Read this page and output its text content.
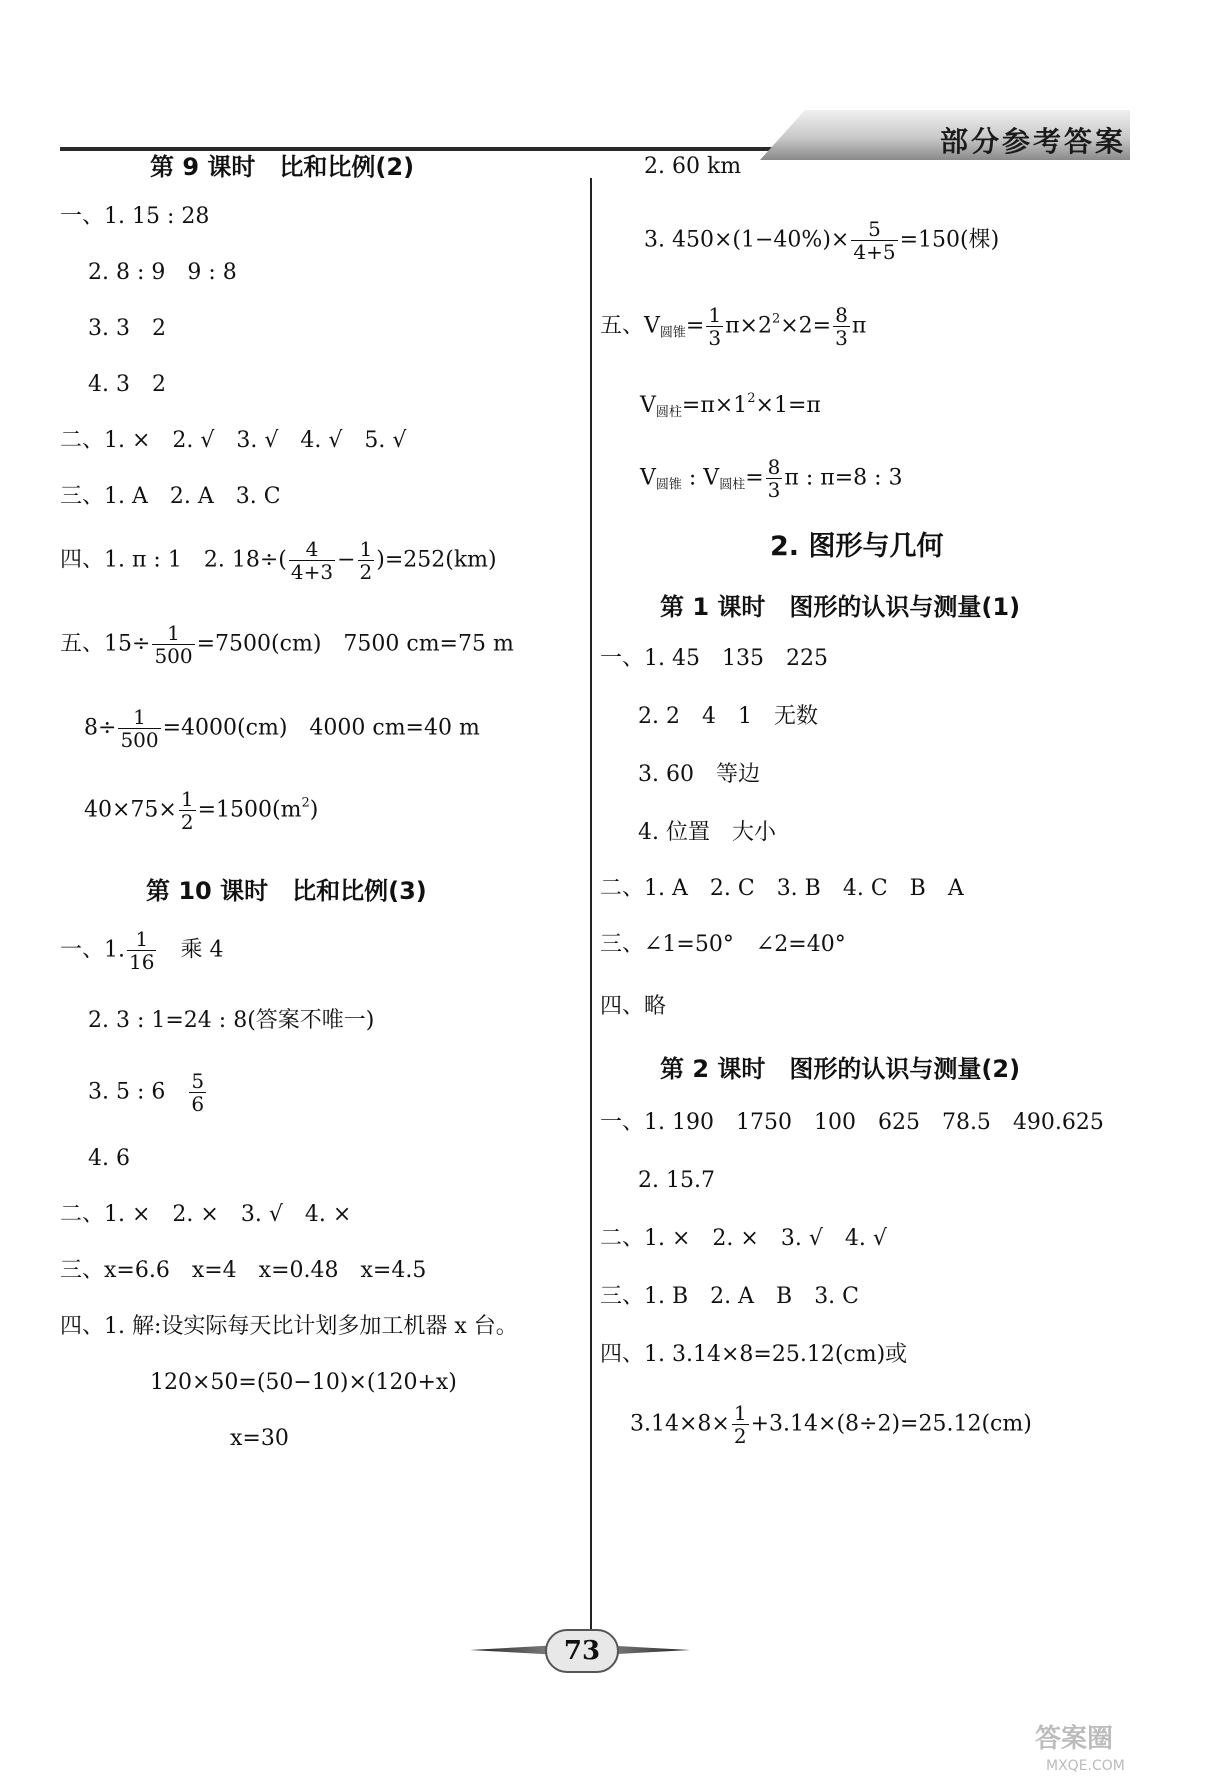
部分参考答案
第 9 课时　比和比例(2)
一、1. 15 : 28
2. 8 : 9　9 : 8
3. 3　2
4. 3　2
二、1. ×　2. √　3. √　4. √　5. √
三、1. A　2. A　3. C
四、1. π : 1　2. $18\div( \frac{4}{4+3} - \frac{1}{2} )=252(km)$
五、$15\div \frac{1}{500} =7500(cm)$　7500 cm=75 m
$8\div \frac{1}{500} =4000(cm)$　4000 cm=40 m
$40\times 75\times \frac{1}{2} =1500(m^2)$
第 10 课时　比和比例(3)
一、1. $\frac{1}{16}$ 　乘 4
2. 3 : 1=24 : 8(答案不唯一)
3. 5 : 6　 $\frac{5}{6}$
4. 6
二、1. ×　2. ×　3. √　4. ×
三、x=6.6　x=4　x=0.48　x=4.5
四、1. 解:设实际每天比计划多加工机器 x 台。
120×50=(50−10)×(120+x)
x=30
2. 60 km
3. $450\times(1-40\%)\times \frac{5}{4+5} =150$(棵)
五、$V_{圆锥}= \frac{1}{3} \pi\times 2^2\times 2= \frac{8}{3}$ π
$V_{圆柱}=\pi\times 1^2\times 1=\pi$
$V_{圆锥}$ : $V_{圆柱}= \frac{8}{3}$ π : π=8 : 3
2. 图形与几何
第 1 课时　图形的认识与测量(1)
一、1. 45　135　225
2. 2　4　1　无数
3. 60　等边
4. 位置　大小
二、1. A　2. C　3. B　4. C　B　A
三、∠1=50°　∠2=40°
四、略
第 2 课时　图形的认识与测量(2)
一、1. 190　1750　100　625　78.5　490.625
2. 15.7
二、1. ×　2. ×　3. √　4. √
三、1. B　2. A　B　3. C
四、1. 3.14×8=25.12(cm)或
$3.14\times 8\times \frac{1}{2} +3.14\times(8\div 2)=25.12(cm)$
73
答案圈
MXQE.COM
